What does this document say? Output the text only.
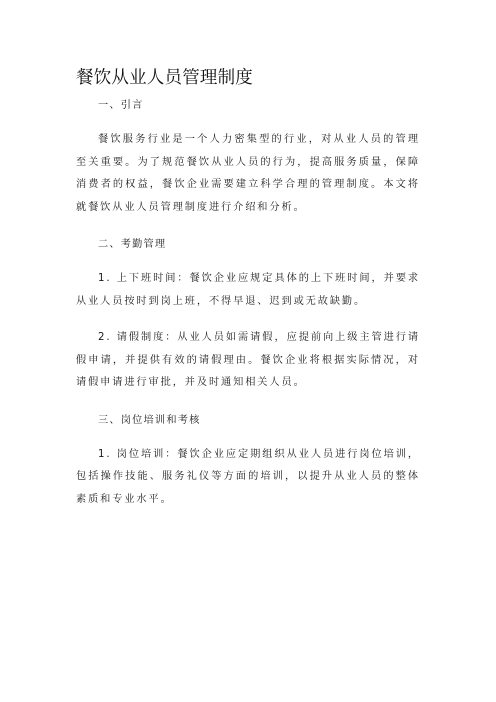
餐饮从业人员管理制度

一、引言

餐饮服务行业是一个人力密集型的行业，对从业人员的管理至关重要。为了规范餐饮从业人员的行为，提高服务质量，保障消费者的权益，餐饮企业需要建立科学合理的管理制度。本文将就餐饮从业人员管理制度进行介绍和分析。

二、考勤管理

1. 上下班时间：餐饮企业应规定具体的上下班时间，并要求从业人员按时到岗上班，不得早退、迟到或无故缺勤。

2. 请假制度：从业人员如需请假，应提前向上级主管进行请假申请，并提供有效的请假理由。餐饮企业将根据实际情况，对请假申请进行审批，并及时通知相关人员。

三、岗位培训和考核

1. 岗位培训：餐饮企业应定期组织从业人员进行岗位培训，包括操作技能、服务礼仪等方面的培训，以提升从业人员的整体素质和专业水平。
